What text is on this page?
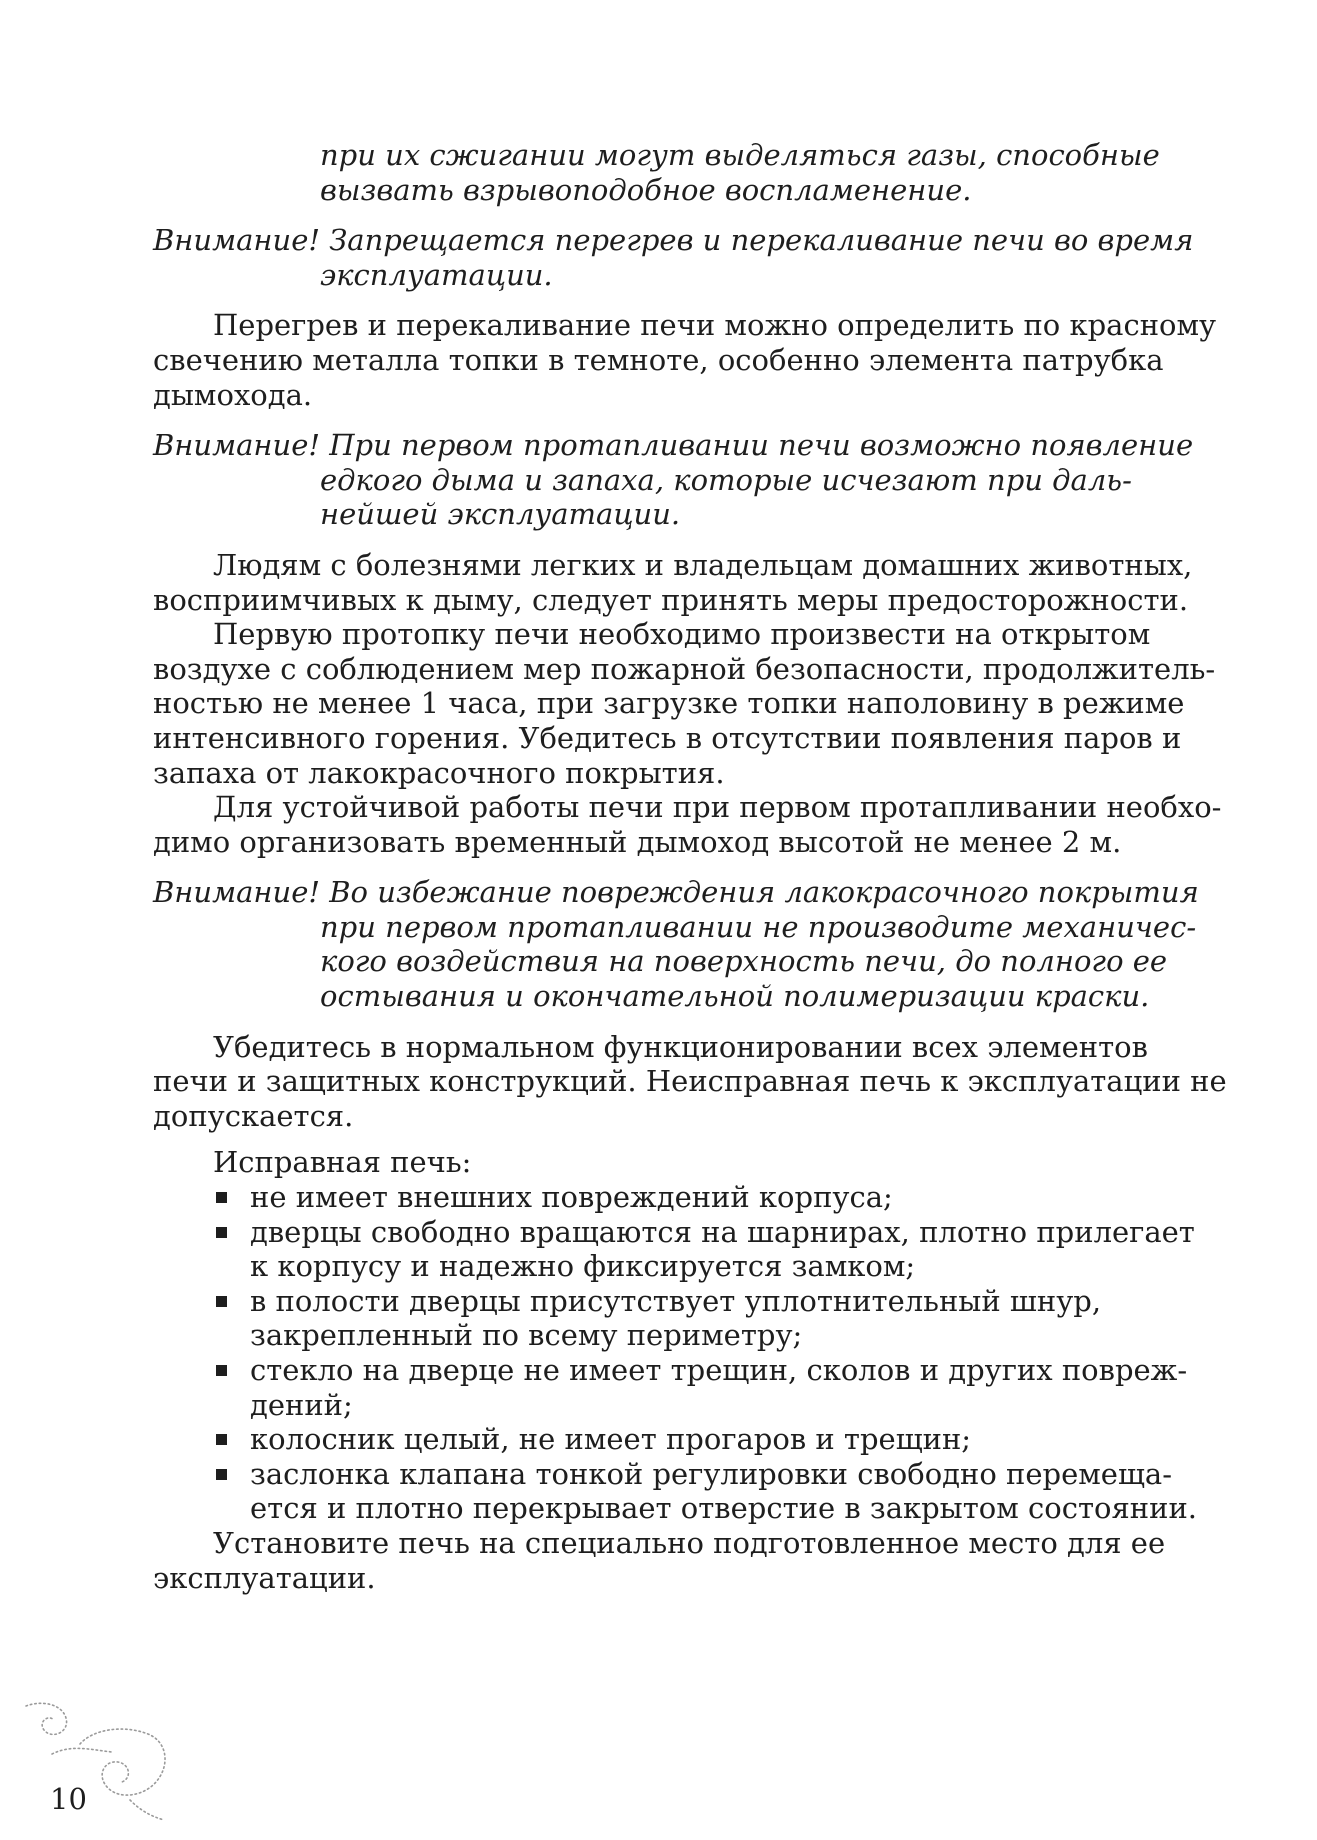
при их сжигании могут выделяться газы, способные
вызвать взрывоподобное воспламенение.
Внимание! Запрещается перегрев и перекаливание печи во время
эксплуатации.
Перегрев и перекаливание печи можно определить по красному
свечению металла топки в темноте, особенно элемента патрубка
дымохода.
Внимание! При первом протапливании печи возможно появление
едкого дыма и запаха, которые исчезают при даль-
нейшей эксплуатации.
Людям с болезнями легких и владельцам домашних животных,
восприимчивых к дыму, следует принять меры предосторожности.
Первую протопку печи необходимо произвести на открытом
воздухе с соблюдением мер пожарной безопасности, продолжитель-
ностью не менее 1 часа, при загрузке топки наполовину в режиме
интенсивного горения. Убедитесь в отсутствии появления паров и
запаха от лакокрасочного покрытия.
Для устойчивой работы печи при первом протапливании необхо-
димо организовать временный дымоход высотой не менее 2 м.
Внимание! Во избежание повреждения лакокрасочного покрытия
при первом протапливании не производите механичес-
кого воздействия на поверхность печи, до полного ее
остывания и окончательной полимеризации краски.
Убедитесь в нормальном функционировании всех элементов
печи и защитных конструкций. Неисправная печь к эксплуатации не
допускается.
Исправная печь:
не имеет внешних повреждений корпуса;
дверцы свободно вращаются на шарнирах, плотно прилегает
к корпусу и надежно фиксируется замком;
в полости дверцы присутствует уплотнительный шнур,
закрепленный по всему периметру;
стекло на дверце не имеет трещин, сколов и других повреж-
дений;
колосник целый, не имеет прогаров и трещин;
заслонка клапана тонкой регулировки свободно перемеща-
ется и плотно перекрывает отверстие в закрытом состоянии.
Установите печь на специально подготовленное место для ее
эксплуатации.
10
